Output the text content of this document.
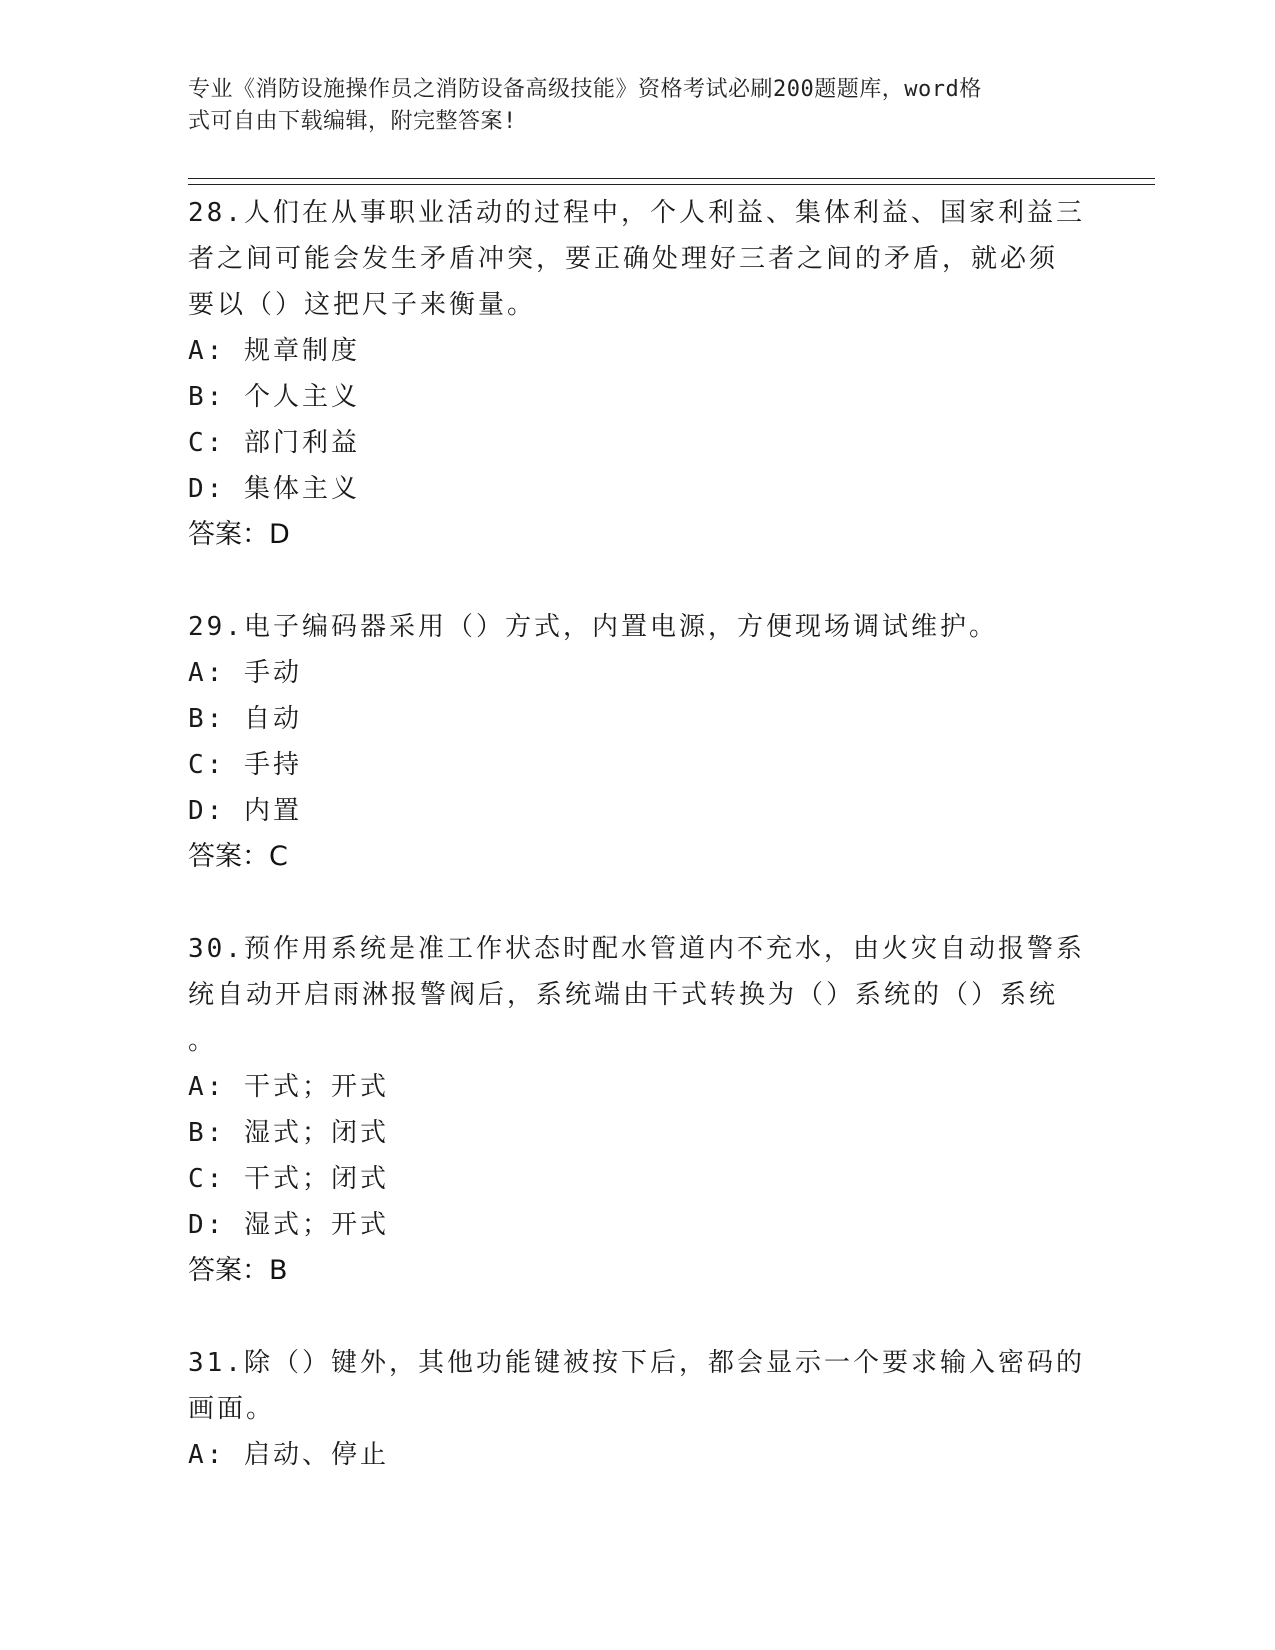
专业《消防设施操作员之消防设备高级技能》资格考试必刷200题题库，word格
式可自由下载编辑，附完整答案!
28.人们在从事职业活动的过程中，个人利益、集体利益、国家利益三
者之间可能会发生矛盾冲突，要正确处理好三者之间的矛盾，就必须
要以（）这把尺子来衡量。
A: 规章制度
B: 个人主义
C: 部门利益
D: 集体主义
答案：D
29.电子编码器采用（）方式，内置电源，方便现场调试维护。
A: 手动
B: 自动
C: 手持
D: 内置
答案：C
30.预作用系统是准工作状态时配水管道内不充水，由火灾自动报警系
统自动开启雨淋报警阀后，系统端由干式转换为（）系统的（）系统
。
A: 干式；开式
B: 湿式；闭式
C: 干式；闭式
D: 湿式；开式
答案：B
31.除（）键外，其他功能键被按下后，都会显示一个要求输入密码的
画面。
A: 启动、停止
